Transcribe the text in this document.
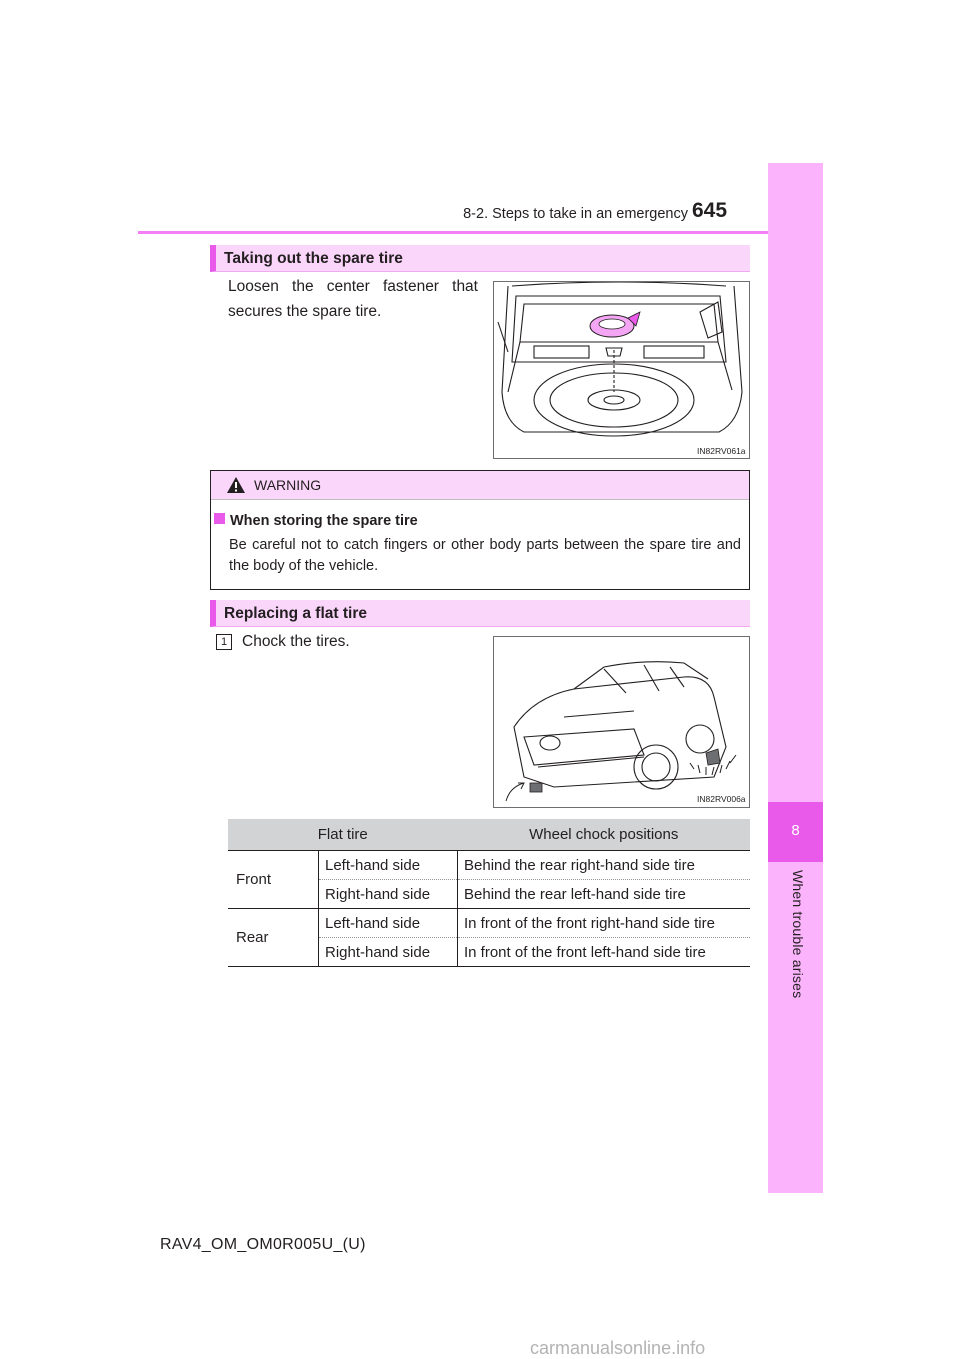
8-2. Steps to take in an emergency 645
8
When trouble arises
Taking out the spare tire
Loosen the center fastener that secures the spare tire.
IN82RV061a
WARNING
When storing the spare tire
Be careful not to catch fingers or other body parts between the spare tire and the body of the vehicle.
Replacing a flat tire
1 Chock the tires.
IN82RV006a
Flat tire		Wheel chock positions
Front	Left-hand side	Behind the rear right-hand side tire
	Right-hand side	Behind the rear left-hand side tire
Rear	Left-hand side	In front of the front right-hand side tire
	Right-hand side	In front of the front left-hand side tire
RAV4_OM_OM0R005U_(U)
carmanualsonline.info
